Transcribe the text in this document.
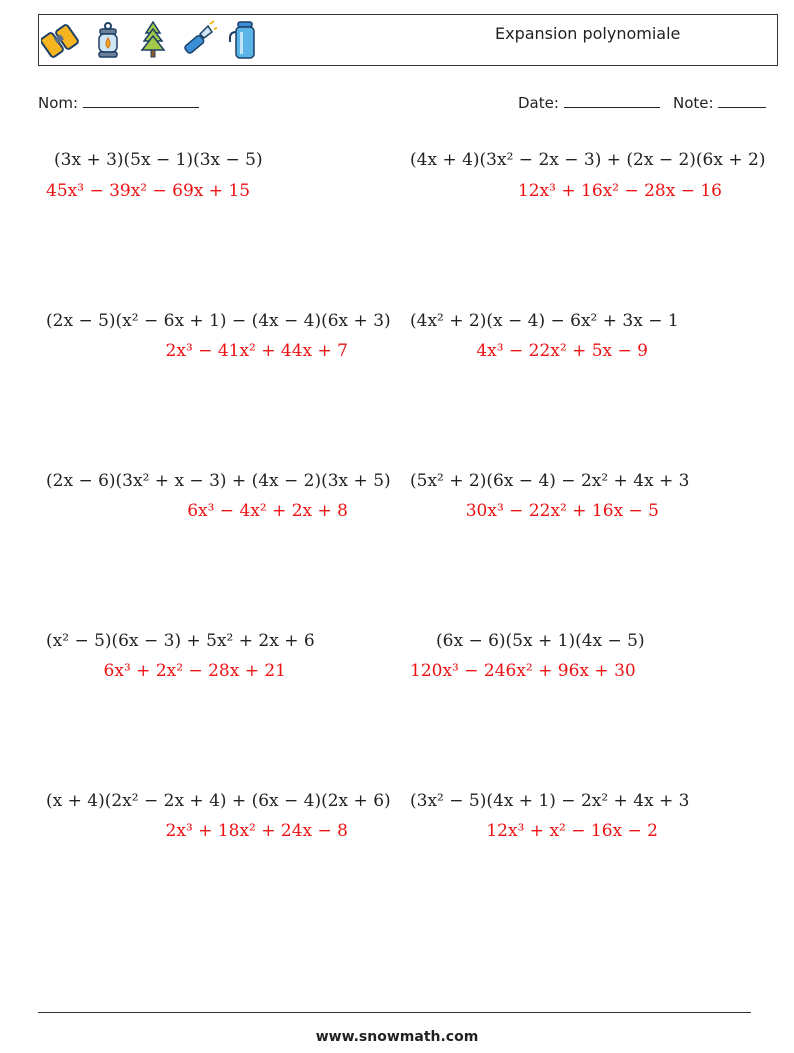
Expansion polynomiale
Nom:	Date:	Note:
(3x + 3)(5x − 1)(3x − 5)
45x³ − 39x² − 69x + 15
(4x + 4)(3x² − 2x − 3) + (2x − 2)(6x + 2)
12x³ + 16x² − 28x − 16
(2x − 5)(x² − 6x + 1) − (4x − 4)(6x + 3)
2x³ − 41x² + 44x + 7
(4x² + 2)(x − 4) − 6x² + 3x − 1
4x³ − 22x² + 5x − 9
(2x − 6)(3x² + x − 3) + (4x − 2)(3x + 5)
6x³ − 4x² + 2x + 8
(5x² + 2)(6x − 4) − 2x² + 4x + 3
30x³ − 22x² + 16x − 5
(x² − 5)(6x − 3) + 5x² + 2x + 6
6x³ + 2x² − 28x + 21
(6x − 6)(5x + 1)(4x − 5)
120x³ − 246x² + 96x + 30
(x + 4)(2x² − 2x + 4) + (6x − 4)(2x + 6)
2x³ + 18x² + 24x − 8
(3x² − 5)(4x + 1) − 2x² + 4x + 3
12x³ + x² − 16x − 2
www.snowmath.com
